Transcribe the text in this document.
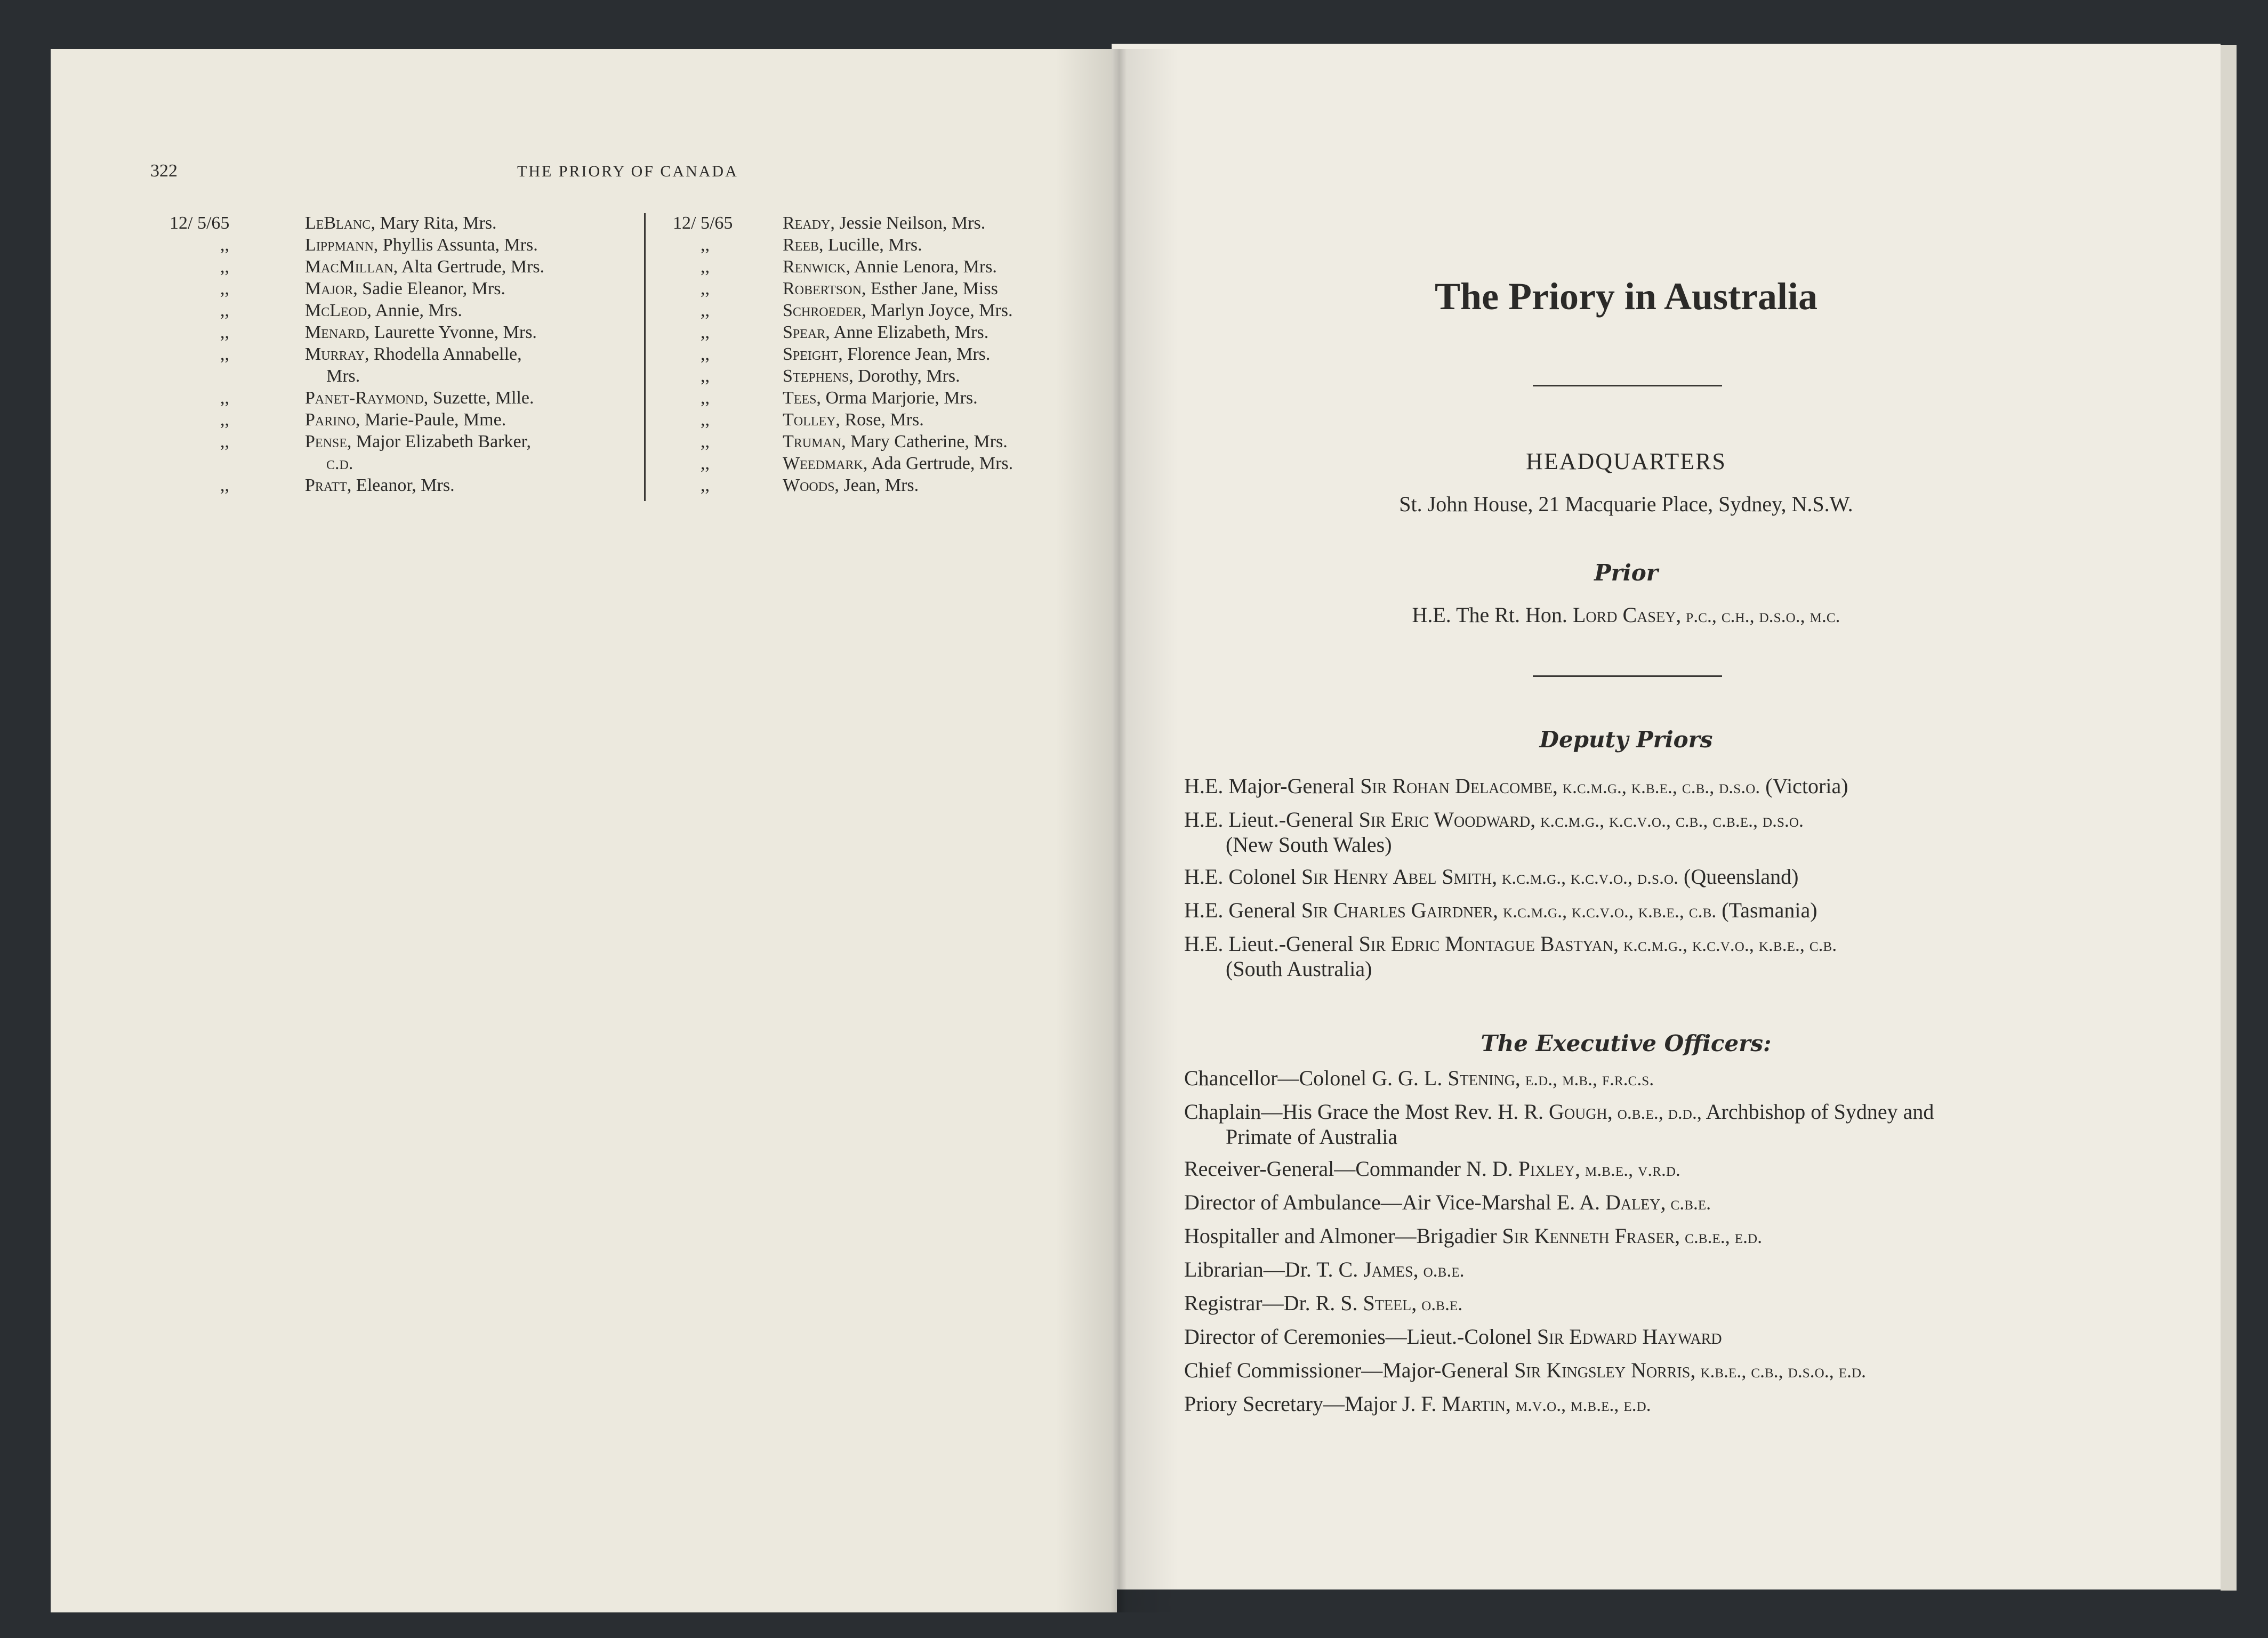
322	THE PRIORY OF CANADA
12/ 5/65	LeBlanc, Mary Rita, Mrs.
,,	Lippmann, Phyllis Assunta, Mrs.
,,	MacMillan, Alta Gertrude, Mrs.
,,	Major, Sadie Eleanor, Mrs.
,,	McLeod, Annie, Mrs.
,,	Menard, Laurette Yvonne, Mrs.
,,	Murray, Rhodella Annabelle,
Mrs.
,,	Panet-Raymond, Suzette, Mlle.
,,	Parino, Marie-Paule, Mme.
,,	Pense, Major Elizabeth Barker,
c.d.
,,	Pratt, Eleanor, Mrs.
12/ 5/65	Ready, Jessie Neilson, Mrs.
,,	Reeb, Lucille, Mrs.
,,	Renwick, Annie Lenora, Mrs.
,,	Robertson, Esther Jane, Miss
,,	Schroeder, Marlyn Joyce, Mrs.
,,	Spear, Anne Elizabeth, Mrs.
,,	Speight, Florence Jean, Mrs.
,,	Stephens, Dorothy, Mrs.
,,	Tees, Orma Marjorie, Mrs.
,,	Tolley, Rose, Mrs.
,,	Truman, Mary Catherine, Mrs.
,,	Weedmark, Ada Gertrude, Mrs.
,,	Woods, Jean, Mrs.
The Priory in Australia
HEADQUARTERS
St. John House, 21 Macquarie Place, Sydney, N.S.W.
Prior
H.E. The Rt. Hon. Lord Casey, p.c., c.h., d.s.o., m.c.
Deputy Priors
H.E. Major-General Sir Rohan Delacombe, k.c.m.g., k.b.e., c.b., d.s.o. (Victoria)
H.E. Lieut.-General Sir Eric Woodward, k.c.m.g., k.c.v.o., c.b., c.b.e., d.s.o.
(New South Wales)
H.E. Colonel Sir Henry Abel Smith, k.c.m.g., k.c.v.o., d.s.o. (Queensland)
H.E. General Sir Charles Gairdner, k.c.m.g., k.c.v.o., k.b.e., c.b. (Tasmania)
H.E. Lieut.-General Sir Edric Montague Bastyan, k.c.m.g., k.c.v.o., k.b.e., c.b.
(South Australia)
The Executive Officers:
Chancellor—Colonel G. G. L. Stening, e.d., m.b., f.r.c.s.
Chaplain—His Grace the Most Rev. H. R. Gough, o.b.e., d.d., Archbishop of Sydney and
Primate of Australia
Receiver-General—Commander N. D. Pixley, m.b.e., v.r.d.
Director of Ambulance—Air Vice-Marshal E. A. Daley, c.b.e.
Hospitaller and Almoner—Brigadier Sir Kenneth Fraser, c.b.e., e.d.
Librarian—Dr. T. C. James, o.b.e.
Registrar—Dr. R. S. Steel, o.b.e.
Director of Ceremonies—Lieut.-Colonel Sir Edward Hayward
Chief Commissioner—Major-General Sir Kingsley Norris, k.b.e., c.b., d.s.o., e.d.
Priory Secretary—Major J. F. Martin, m.v.o., m.b.e., e.d.
